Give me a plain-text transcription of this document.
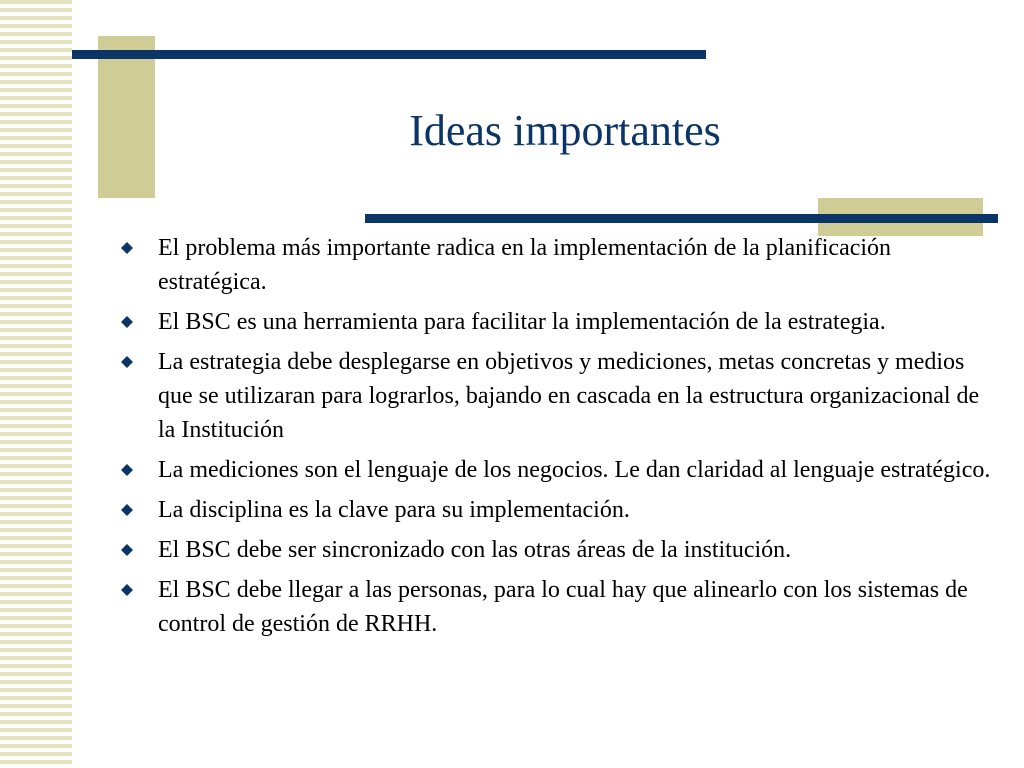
Ideas importantes
El problema más importante radica en la implementación de la planificación estratégica.
El BSC es una herramienta para facilitar la implementación de la estrategia.
La estrategia debe desplegarse en objetivos y mediciones, metas concretas y medios que se utilizaran para lograrlos, bajando en cascada en la estructura organizacional de la Institución
La mediciones son el lenguaje de los negocios. Le dan claridad al lenguaje estratégico.
La disciplina es la clave para su implementación.
El BSC debe ser sincronizado con las otras áreas de la institución.
El BSC debe llegar a las personas, para lo cual hay que alinearlo con los sistemas de control de gestión de RRHH.
